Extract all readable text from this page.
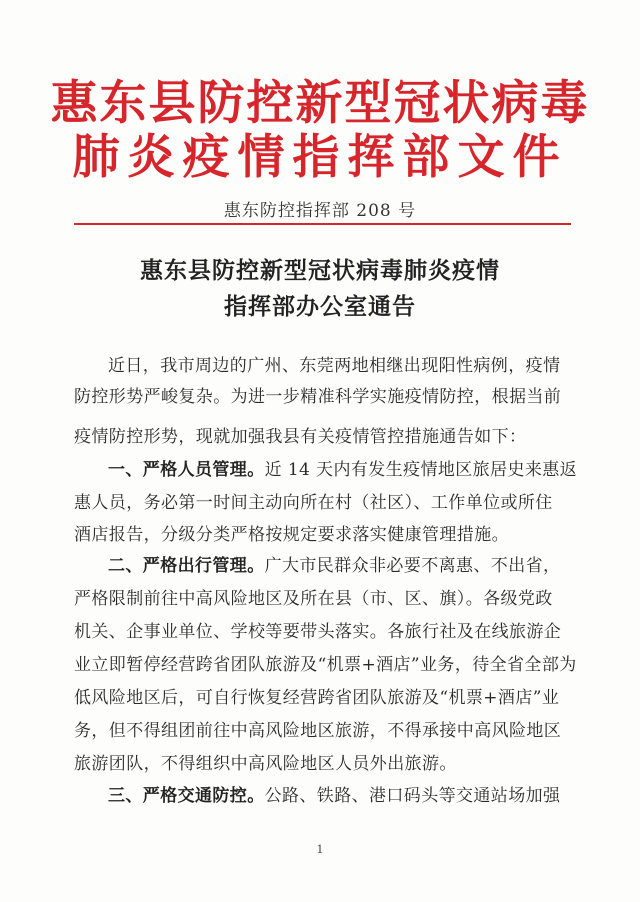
惠东县防控新型冠状病毒
肺炎疫情指挥部文件
惠东防控指挥部 208 号
惠东县防控新型冠状病毒肺炎疫情
指挥部办公室通告
近日，我市周边的广州、东莞两地相继出现阳性病例，疫情
防控形势严峻复杂。为进一步精准科学实施疫情防控，根据当前
疫情防控形势，现就加强我县有关疫情管控措施通告如下：
一、严格人员管理。近 14 天内有发生疫情地区旅居史来惠返
惠人员，务必第一时间主动向所在村（社区）、工作单位或所住
酒店报告，分级分类严格按规定要求落实健康管理措施。
二、严格出行管理。广大市民群众非必要不离惠、不出省，
严格限制前往中高风险地区及所在县（市、区、旗）。各级党政
机关、企事业单位、学校等要带头落实。各旅行社及在线旅游企
业立即暂停经营跨省团队旅游及“机票+酒店”业务，待全省全部为
低风险地区后，可自行恢复经营跨省团队旅游及“机票+酒店”业
务，但不得组团前往中高风险地区旅游，不得承接中高风险地区
旅游团队，不得组织中高风险地区人员外出旅游。
三、严格交通防控。公路、铁路、港口码头等交通站场加强
1
